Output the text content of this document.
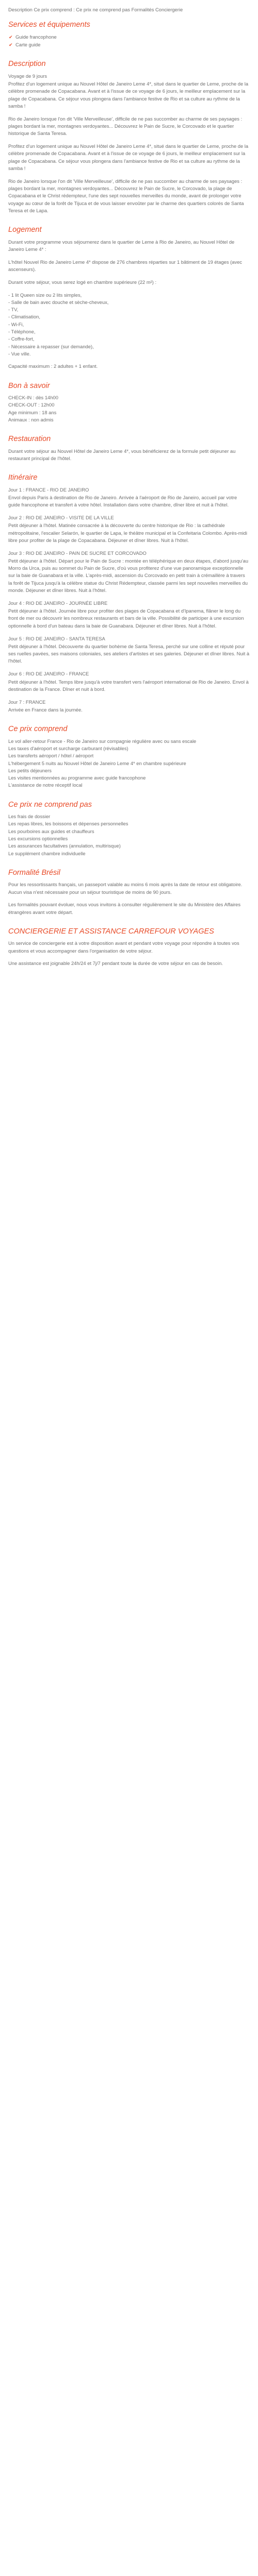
Description Ce prix comprend : Ce prix ne comprend pas Formalités Conciergerie

Services et équipements
✔ Guide francophone
✔ Carte guide
Description

Voyage de 9 jours

Profitez d'un logement unique au Nouvel Hôtel de Janeiro Leme 4*, situé dans le quartier de Leme, proche de la célèbre promenade de Copacabana. Avant et à l'issue de ce voyage de 6 jours, le meilleur emplacement sur la plage de Copacabana. Ce séjour vous plongera dans l'ambiance festive de Rio et sa culture au rythme de la samba !

Rio de Janeiro lorsque l'on dit 'Ville Merveilleuse', difficile de ne pas succomber au charme de ses paysages : plages bordant la mer, montagnes verdoyantes... Découvrez le Pain de Sucre, le Corcovado et le quartier historique de Santa Teresa.

Profitez d'un logement unique au Nouvel Hôtel de Janeiro Leme 4*, situé dans le quartier de Leme, proche de la célèbre promenade de Copacabana. Avant et à l'issue de ce voyage de 6 jours, le meilleur emplacement sur la plage de Copacabana. Ce séjour vous plongera dans l'ambiance festive de Rio et sa culture au rythme de la samba !

Rio de Janeiro lorsque l'on dit 'Ville Merveilleuse', difficile de ne pas succomber au charme de ses paysages : plages bordant la mer, montagnes verdoyantes... Découvrez le Pain de Sucre, le Corcovado, la plage de Copacabana et le Christ rédempteur, l'une des sept nouvelles merveilles du monde, avant de prolonger votre voyage au cœur de la forêt de Tijuca et de vous laisser envoûter par le charme des quartiers colorés de Santa Teresa et de Lapa.

Logement

Durant votre programme vous séjournerez dans le quartier de Leme à Rio de Janeiro, au Nouvel Hôtel de Janeiro Leme 4* :

L'hôtel Nouvel Rio de Janeiro Leme 4* dispose de 276 chambres réparties sur 1 bâtiment de 19 étages (avec ascenseurs).

Durant votre séjour, vous serez logé en chambre supérieure (22 m²) :

- 1 lit Queen size ou 2 lits simples,

- Salle de bain avec douche et sèche-cheveux,

- TV,

- Climatisation,

- Wi-Fi,

- Téléphone,

- Coffre-fort,

- Nécessaire à repasser (sur demande),

- Vue ville.

Capacité maximum : 2 adultes + 1 enfant.

Bon à savoir

CHECK-IN : dès 14h00

CHECK-OUT : 12h00

Age minimum : 18 ans

Animaux : non admis

Restauration

Durant votre séjour au Nouvel Hôtel de Janeiro Leme 4*, vous bénéficierez de la formule petit déjeuner au restaurant principal de l'hôtel.

Itinéraire

Jour 1 : FRANCE - RIO DE JANEIRO

Envol depuis Paris à destination de Rio de Janeiro. Arrivée à l'aéroport de Rio de Janeiro, accueil par votre guide francophone et transfert à votre hôtel. Installation dans votre chambre, dîner libre et nuit à l'hôtel.

Jour 2 : RIO DE JANEIRO - VISITE DE LA VILLE

Petit déjeuner à l'hôtel. Matinée consacrée à la découverte du centre historique de Rio : la cathédrale métropolitaine, l'escalier Selarón, le quartier de Lapa, le théâtre municipal et la Confeitaria Colombo. Après-midi libre pour profiter de la plage de Copacabana. Déjeuner et dîner libres. Nuit à l'hôtel.

Jour 3 : RIO DE JANEIRO - PAIN DE SUCRE ET CORCOVADO

Petit déjeuner à l'hôtel. Départ pour le Pain de Sucre : montée en téléphérique en deux étapes, d'abord jusqu'au Morro da Urca, puis au sommet du Pain de Sucre, d'où vous profiterez d'une vue panoramique exceptionnelle sur la baie de Guanabara et la ville. L'après-midi, ascension du Corcovado en petit train à crémaillère à travers la forêt de Tijuca jusqu'à la célèbre statue du Christ Rédempteur, classée parmi les sept nouvelles merveilles du monde. Déjeuner et dîner libres. Nuit à l'hôtel.

Jour 4 : RIO DE JANEIRO - JOURNÉE LIBRE

Petit déjeuner à l'hôtel. Journée libre pour profiter des plages de Copacabana et d'Ipanema, flâner le long du front de mer ou découvrir les nombreux restaurants et bars de la ville. Possibilité de participer à une excursion optionnelle à bord d'un bateau dans la baie de Guanabara. Déjeuner et dîner libres. Nuit à l'hôtel.

Jour 5 : RIO DE JANEIRO - SANTA TERESA

Petit déjeuner à l'hôtel. Découverte du quartier bohème de Santa Teresa, perché sur une colline et réputé pour ses ruelles pavées, ses maisons coloniales, ses ateliers d'artistes et ses galeries. Déjeuner et dîner libres. Nuit à l'hôtel.

Jour 6 : RIO DE JANEIRO - FRANCE

Petit déjeuner à l'hôtel. Temps libre jusqu'à votre transfert vers l'aéroport international de Rio de Janeiro. Envol à destination de la France. Dîner et nuit à bord.

Jour 7 : FRANCE

Arrivée en France dans la journée.

Ce prix comprend

Le vol aller-retour France - Rio de Janeiro sur compagnie régulière avec ou sans escale

Les taxes d'aéroport et surcharge carburant (révisables)

Les transferts aéroport / hôtel / aéroport

L'hébergement 5 nuits au Nouvel Hôtel de Janeiro Leme 4* en chambre supérieure

Les petits déjeuners

Les visites mentionnées au programme avec guide francophone

L'assistance de notre réceptif local

Ce prix ne comprend pas

Les frais de dossier

Les repas libres, les boissons et dépenses personnelles

Les pourboires aux guides et chauffeurs

Les excursions optionnelles

Les assurances facultatives (annulation, multirisque)

Le supplément chambre individuelle

Formalité Brésil

Pour les ressortissants français, un passeport valable au moins 6 mois après la date de retour est obligatoire. Aucun visa n'est nécessaire pour un séjour touristique de moins de 90 jours.

Les formalités pouvant évoluer, nous vous invitons à consulter régulièrement le site du Ministère des Affaires étrangères avant votre départ.

CONCIERGERIE ET ASSISTANCE CARREFOUR VOYAGES

Un service de conciergerie est à votre disposition avant et pendant votre voyage pour répondre à toutes vos questions et vous accompagner dans l'organisation de votre séjour.

Une assistance est joignable 24h/24 et 7j/7 pendant toute la durée de votre séjour en cas de besoin.
